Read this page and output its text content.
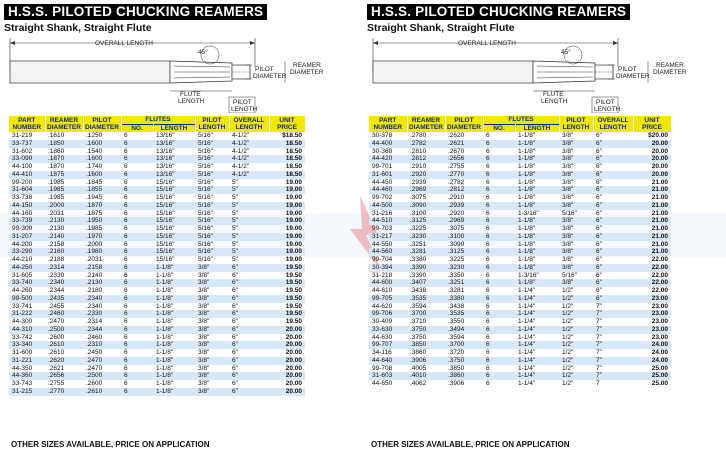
H.S.S. PILOTED CHUCKING REAMERS
Straight Shank, Straight Flute
OVERALL LENGTH
45°
PILOT
DIAMETER
REAMER
DIAMETER
FLUTE
LENGTH	PILOT
LENGTH
PART
NUMBER	REAMER
DIAMETER	PILOT
DIAMETER	FLUTES		PILOT
LENGTH	OVERALL
LENGTH	UNIT
PRICE
			NO.	LENGTH			
31-219	.1610	.1250	6	13/16"	5/16"	4-1/2"	$18.50
33-737	.1850	.1600	6	13/16"	5/16"	4-1/2"	18.50
31-602	.1860	.1540	6	13/16"	5/16"	4-1/2"	18.50
33-090	.1870	.1600	6	13/16"	5/16"	4-1/2"	18.50
44-100	.1870	.1740	6	13/16"	5/16"	4-1/2"	18.50
44-410	.1875	.1600	6	13/16"	5/16"	4-1/2"	18.50
99-200	.1985	.1845	6	15/16"	5/16"	5"	19.00
31-604	.1985	.1855	6	15/16"	5/16"	5"	19.00
33-738	.1985	.1945	6	15/16"	5/16"	5"	19.00
44-150	.2000	.1870	6	15/16"	5/16"	5"	19.00
44-160	.2031	.1875	6	15/16"	5/16"	5"	19.00
33-739	.2130	.1950	6	15/16"	5/16"	5"	19.00
99-300	.2130	.1985	6	15/16"	5/16"	5"	19.00
31-207	.2140	.1970	6	15/16"	5/16"	5"	19.00
44-200	.2158	.2000	6	15/16"	5/16"	5"	19.00
33-290	.2160	.1980	6	15/16"	5/16"	5"	19.00
44-210	.2188	.2031	6	15/16"	5/16"	5"	19.00
44-250	.2314	.2158	6	1-1/8"	3/8"	6"	19.50
31-605	.2330	.2140	6	1-1/8"	3/8"	6"	19.50
33-740	.2340	.2130	6	1-1/8"	3/8"	6"	19.50
44-260	.2344	.2180	6	1-1/8"	3/8"	6"	19.50
99-500	.2435	.2340	6	1-1/8"	3/8"	6"	19.50
33-741	.2455	.2340	6	1-1/8"	3/8"	6"	19.50
31-222	.2460	.2330	6	1-1/8"	3/8"	6"	19.50
44-300	.2470	.2314	6	1-1/8"	3/8"	6"	19.50
44-310	.2500	.2344	6	1-1/8"	3/8"	6"	20.00
33-742	.2600	.2460	6	1-1/8"	3/8"	6"	20.00
33-340	.2610	.2310	6	1-1/8"	3/8"	6"	20.00
31-600	.2610	.2450	6	1-1/8"	3/8"	6"	20.00
31-221	.2620	.2470	6	1-1/8"	3/8"	6"	20.00
44-350	.2621	.2470	6	1-1/8"	3/8"	6"	20.00
44-360	.2656	.2500	6	1-1/8"	3/8"	6"	20.00
33-743	.2755	.2600	6	1-1/8"	3/8"	6"	20.00
31-215	.2770	.2610	6	1-1/8"	3/8"	6"	20.00
OTHER SIZES AVAILABLE, PRICE ON APPLICATION
H.S.S. PILOTED CHUCKING REAMERS
Straight Shank, Straight Flute
OVERALL LENGTH
45°
PILOT
DIAMETER
REAMER
DIAMETER
FLUTE
LENGTH	PILOT
LENGTH
PART
NUMBER	REAMER
DIAMETER	PILOT
DIAMETER	FLUTES		PILOT
LENGTH	OVERALL
LENGTH	UNIT
PRICE
			NO.	LENGTH			
30-378	.2780	.2620	6	1-1/8"	3/8"	6"	$20.00
44-400	.2782	.2621	6	1-1/8"	3/8"	6"	20.00
30-368	.2810	.2670	6	1-1/8"	3/8"	6"	20.00
44-420	.2812	.2656	6	1-1/8"	3/8"	6"	20.00
99-701	.2910	.2755	6	1-1/8"	3/8"	6"	20.00
31-601	.2920	.2770	6	1-1/8"	3/8"	6"	20.00
44-450	.2939	.2782	6	1-1/8"	3/8"	6"	21.00
44-460	.2969	.2812	6	1-1/8"	3/8"	6"	21.00
99-702	.3075	.2910	6	1-1/8"	3/8"	6"	21.00
44-500	.3090	.2939	6	1-1/8"	3/8"	6"	21.00
31-216	.3100	.2920	6	1-3/16"	5/16"	6"	21.00
44-510	.3125	.2969	6	1-1/8"	3/8"	6"	21.00
99-703	.3225	.3075	6	1-1/8"	3/8"	6"	21.00
31-217	.3230	.3100	6	1-1/8"	3/8"	6"	21.00
44-550	.3251	.3090	6	1-1/8"	3/8"	6"	21.00
44-560	.3281	.3125	6	1-1/8"	3/8"	6"	21.00
99-704	.3380	.3225	6	1-1/8"	3/8"	6"	22.00
30-394	.3390	.3230	6	1-1/8"	3/8"	6"	22.00
31-218	.3390	.3350	6	1-3/16"	5/16"	6"	22.00
44-600	.3407	.3251	6	1-1/8"	3/8"	6"	22.00
44-610	.3438	.3281	6	1-1/4"	1/2"	6"	22.00
99-705	.3535	.3380	6	1-1/4"	1/2"	6"	23.00
44-620	.3594	.3438	6	1-1/4"	1/2"	7"	23.00
99-706	.3700	.3535	6	1-1/4"	1/2"	7"	23.00
30-409	.3710	.3550	6	1-1/4"	1/2"	7"	23.00
33-630	.3750	.3494	6	1-1/4"	1/2"	7"	23.00
44-630	.3750	.3594	6	1-1/4"	1/2"	7"	23.00
99-707	.3850	.3700	6	1-1/4"	1/2"	7"	24.00
34-116	.3860	.3720	6	1-1/4"	1/2"	7"	24.00
44-640	.3906	.3750	6	1-1/4"	1/2"	7"	24.00
99-708	.4005	.3850	6	1-1/4"	1/2"	7"	25.00
31-603	.4010	.3860	6	1-1/4"	1/2"	7"	25.00
44-650	.4062	.3906	6	1-1/4"	1/2"	7	25.00
OTHER SIZES AVAILABLE, PRICE ON APPLICATION
